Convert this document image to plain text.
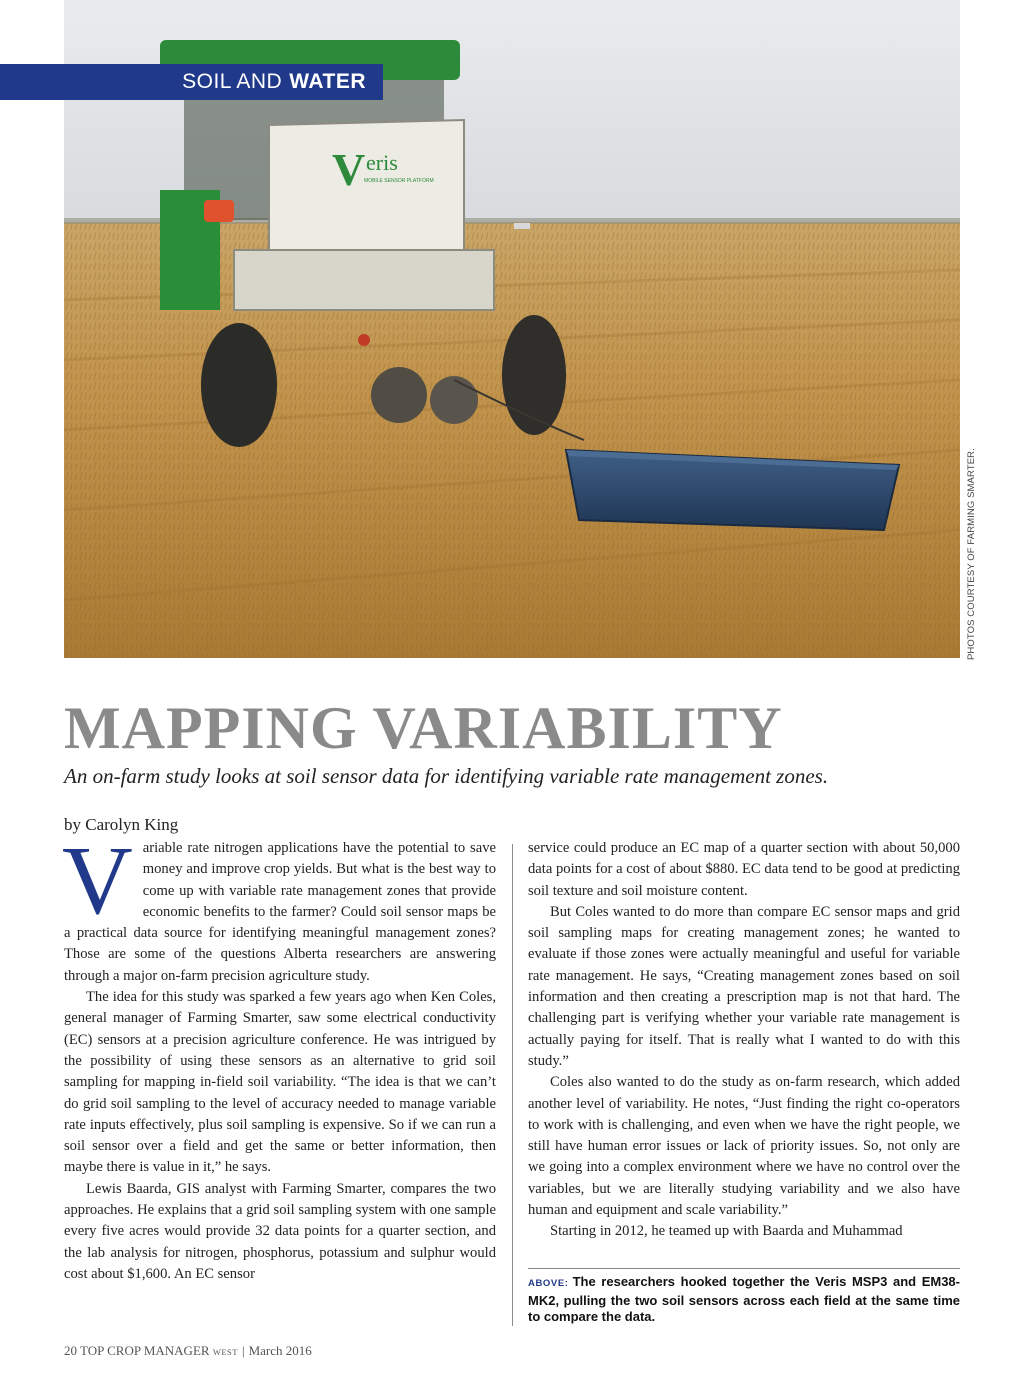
V eris
MOBILE SENSOR PLATFORM
SOIL AND WATER
PHOTOS COURTESY OF FARMING SMARTER.
MAPPING VARIABILITY
An on-farm study looks at soil sensor data for identifying variable rate management zones.
by Carolyn King

Variable rate nitrogen applications have the potential to save money and improve crop yields. But what is the best way to come up with variable rate management zones that provide economic benefits to the farmer? Could soil sensor maps be a practical data source for identifying meaningful management zones? Those are some of the questions Alberta researchers are answering through a major on-farm precision agriculture study.

The idea for this study was sparked a few years ago when Ken Coles, general manager of Farming Smarter, saw some electrical conductivity (EC) sensors at a precision agriculture conference. He was intrigued by the possibility of using these sensors as an alternative to grid soil sampling for mapping in-field soil variability. “The idea is that we can’t do grid soil sampling to the level of accuracy needed to manage variable rate inputs effectively, plus soil sampling is expensive. So if we can run a soil sensor over a field and get the same or better information, then maybe there is value in it,” he says.

Lewis Baarda, GIS analyst with Farming Smarter, compares the two approaches. He explains that a grid soil sampling system with one sample every five acres would provide 32 data points for a quarter section, and the lab analysis for nitrogen, phosphorus, potassium and sulphur would cost about $1,600. An EC sensor

service could produce an EC map of a quarter section with about 50,000 data points for a cost of about $880. EC data tend to be good at predicting soil texture and soil moisture content.

But Coles wanted to do more than compare EC sensor maps and grid soil sampling maps for creating management zones; he wanted to evaluate if those zones were actually meaningful and useful for variable rate management. He says, “Creating management zones based on soil information and then creating a prescription map is not that hard. The challenging part is verifying whether your variable rate management is actually paying for itself. That is really what I wanted to do with this study.”

Coles also wanted to do the study as on-farm research, which added another level of variability. He notes, “Just finding the right co-operators to work with is challenging, and even when we have the right people, we still have human error issues or lack of priority issues. So, not only are we going into a complex environment where we have no control over the variables, but we are literally studying variability and we also have human and equipment and scale variability.”

Starting in 2012, he teamed up with Baarda and Muhammad

ABOVE: The researchers hooked together the Veris MSP3 and EM38-MK2, pulling the two soil sensors across each field at the same time to compare the data.
20 TOP CROP MANAGER WEST | March 2016
